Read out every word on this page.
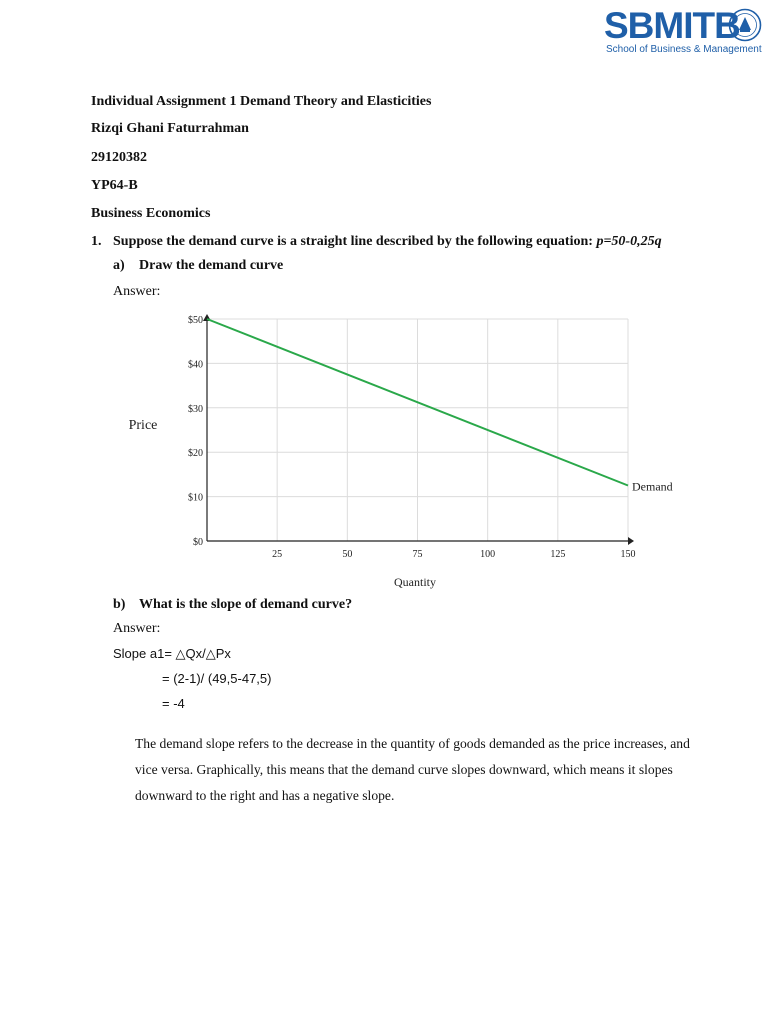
SBMITB
School of Business & Management
Individual Assignment 1 Demand Theory and Elasticities
Rizqi Ghani Faturrahman
29120382
YP64-B
Business Economics
1. Suppose the demand curve is a straight line described by the following equation: p=50-0,25q
a) Draw the demand curve
Answer:
25	50	75	100	125	150
$0
$10
$20
$30
$40
$50
Demand
Price
Quantity
b) What is the slope of demand curve?
Answer:
Slope a1= △Qx/△Px
= (2-1)/ (49,5-47,5)
= -4
The demand slope refers to the decrease in the quantity of goods demanded as the price increases, and vice versa. Graphically, this means that the demand curve slopes downward, which means it slopes downward to the right and has a negative slope.
